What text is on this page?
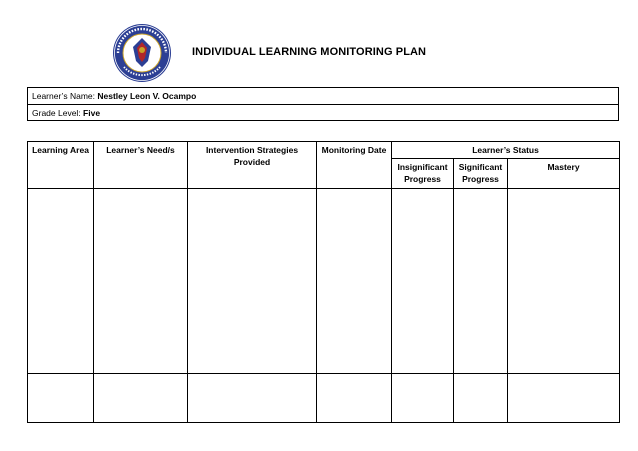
INDIVIDUAL LEARNING MONITORING PLAN
Learner’s Name: Nestley Leon V. Ocampo
Grade Level: Five
Learning Area	Learner’s Need/s	Intervention Strategies Provided	Monitoring Date	Learner’s Status		
				Insignificant Progress	Significant Progress	Mastery
